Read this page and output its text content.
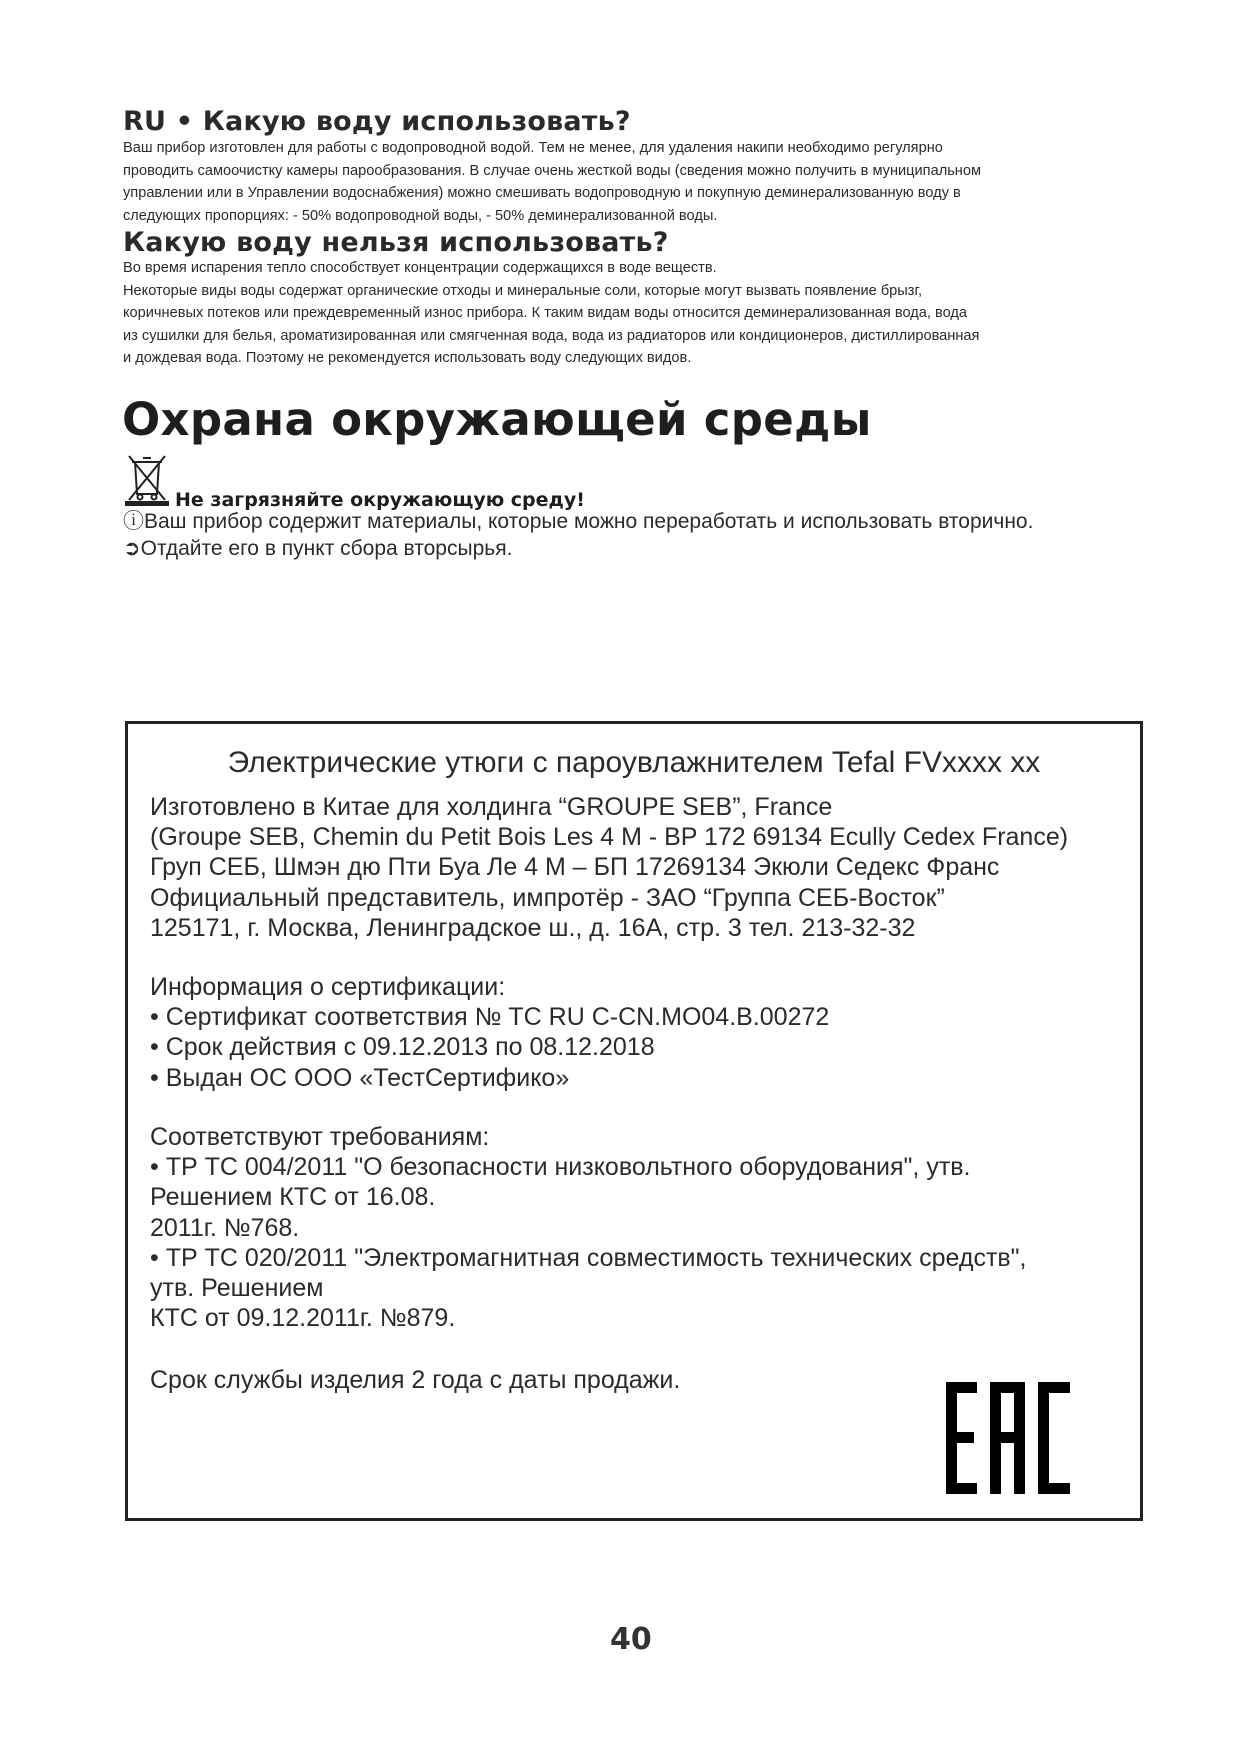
RU • Какую воду использовать?
Ваш прибор изготовлен для работы с водопроводной водой. Тем не менее, для удаления накипи необходимо регулярно
проводить самоочистку камеры парообразования. В случае очень жесткой воды (сведения можно получить в муниципальном
управлении или в Управлении водоснабжения) можно смешивать водопроводную и покупную деминерализованную воду в
следующих пропорциях: - 50% водопроводной воды, - 50% деминерализованной воды.
Какую воду нельзя использовать?
Во время испарения тепло способствует концентрации содержащихся в воде веществ.
Некоторые виды воды содержат органические отходы и минеральные соли, которые могут вызвать появление брызг,
коричневых потеков или преждевременный износ прибора. К таким видам воды относится деминерализованная вода, вода
из сушилки для белья, ароматизированная или смягченная вода, вода из радиаторов или кондиционеров, дистиллированная
и дождевая вода. Поэтому не рекомендуется использовать воду следующих видов.
Охрана окружающей среды
Не загрязняйте окружающую среду!
ⓘВаш прибор содержит материалы, которые можно переработать и использовать вторично.
➲Отдайте его в пункт сбора вторсырья.
Электрические утюги с пароувлажнителем Tefal FVxxxx xx
Изготовлено в Китае для холдинга “GROUPE SEB”, France
(Groupe SEB, Chemin du Petit Bois Les 4 M - BP 172 69134 Ecully Cedex France)
Груп СЕБ, Шмэн дю Пти Буа Ле 4 М – БП 17269134 Экюли Седекс Франс
Официальный представитель, импротёр - ЗАО “Группа СЕБ-Восток”
125171, г. Москва, Ленинградское ш., д. 16А, стр. 3 тел. 213-32-32
Информация о сертификации:
• Сертификат соответствия № TC RU C-CN.MO04.B.00272
• Срок действия с 09.12.2013 по 08.12.2018
• Выдан ОС ООО «ТестСертифико»
Соответствуют требованиям:
• ТР ТС 004/2011 "О безопасности низковольтного оборудования", утв.
Решением КТС от 16.08.
2011г. №768.
• ТР ТС 020/2011 "Электромагнитная совместимость технических средств",
утв. Решением
КТС от 09.12.2011г. №879.
Срок службы изделия 2 года с даты продажи.
40
